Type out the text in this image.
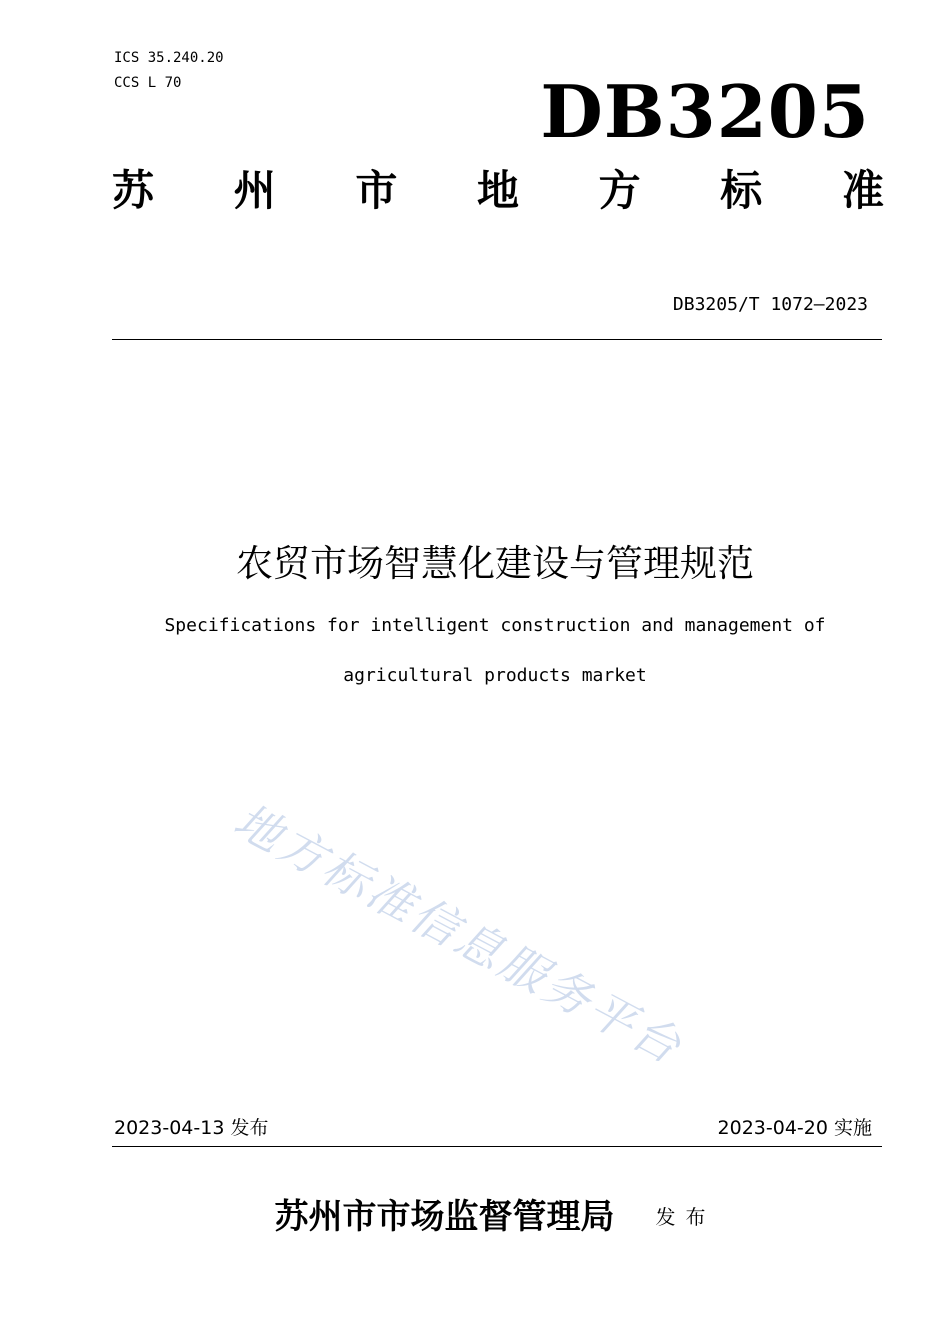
ICS 35.240.20
CCS L 70	DB3205
苏 州 市 地 方 标 准
DB3205/T 1072—2023
农贸市场智慧化建设与管理规范
Specifications for intelligent construction and management of
agricultural products market
地方标准信息服务平台
2023-04-13 发布	2023-04-20 实施
苏州市市场监督管理局 发布
